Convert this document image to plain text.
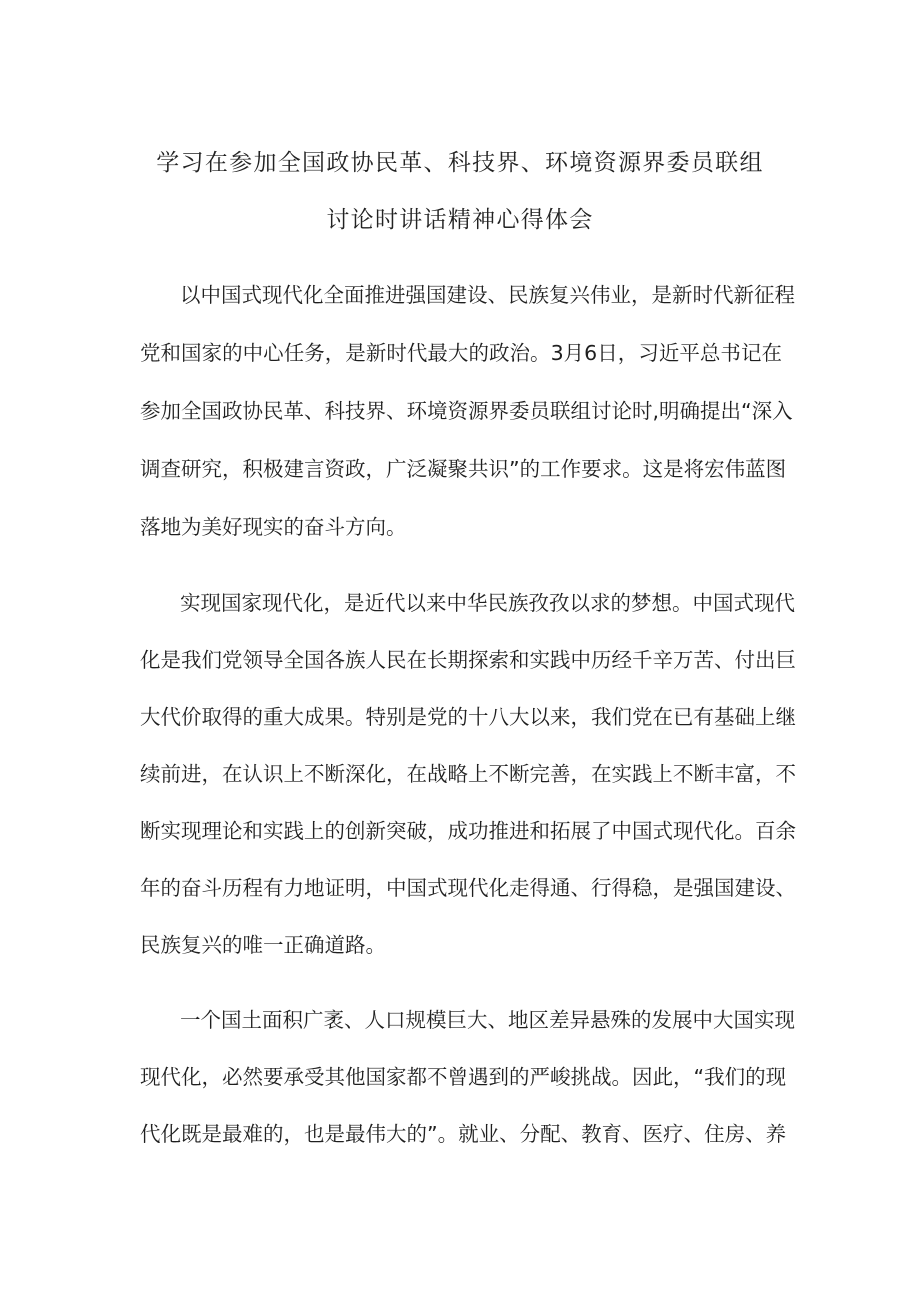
学习在参加全国政协民革、科技界、环境资源界委员联组
讨论时讲话精神心得体会
以中国式现代化全面推进强国建设、民族复兴伟业，是新时代新征程
党和国家的中心任务，是新时代最大的政治。3月6日，习近平总书记在
参加全国政协民革、科技界、环境资源界委员联组讨论时,明确提出“深入
调查研究，积极建言资政，广泛凝聚共识”的工作要求。这是将宏伟蓝图
落地为美好现实的奋斗方向。
实现国家现代化，是近代以来中华民族孜孜以求的梦想。中国式现代
化是我们党领导全国各族人民在长期探索和实践中历经千辛万苦、付出巨
大代价取得的重大成果。特别是党的十八大以来，我们党在已有基础上继
续前进，在认识上不断深化，在战略上不断完善，在实践上不断丰富，不
断实现理论和实践上的创新突破，成功推进和拓展了中国式现代化。百余
年的奋斗历程有力地证明，中国式现代化走得通、行得稳，是强国建设、
民族复兴的唯一正确道路。
一个国土面积广袤、人口规模巨大、地区差异悬殊的发展中大国实现
现代化，必然要承受其他国家都不曾遇到的严峻挑战。因此，“我们的现
代化既是最难的，也是最伟大的”。就业、分配、教育、医疗、住房、养
